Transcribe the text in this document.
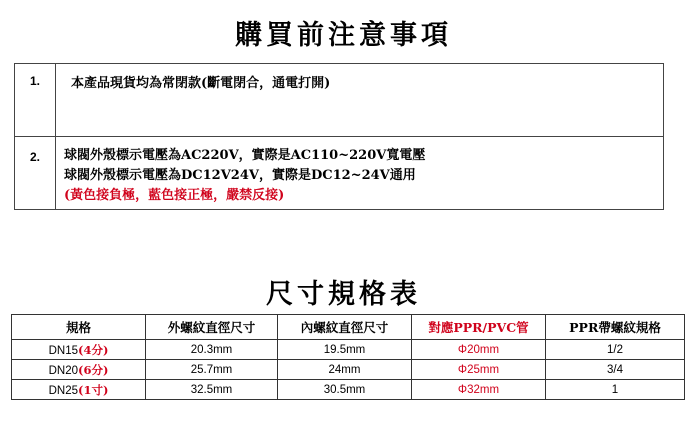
購買前注意事項
1.	本產品現貨均為常閉款(斷電閉合，通電打開)
2.	球閥外殼標示電壓為AC220V，實際是AC110~220V寬電壓
球閥外殼標示電壓為DC12V24V，實際是DC12~24V通用
(黃色接負極，藍色接正極，嚴禁反接)
尺寸規格表
規格	外螺紋直徑尺寸	內螺紋直徑尺寸	對應PPR/PVC管	PPR帶螺紋規格
DN15(4分)	20.3mm	19.5mm	Φ20mm	1/2
DN20(6分)	25.7mm	24mm	Φ25mm	3/4
DN25(1寸)	32.5mm	30.5mm	Φ32mm	1
